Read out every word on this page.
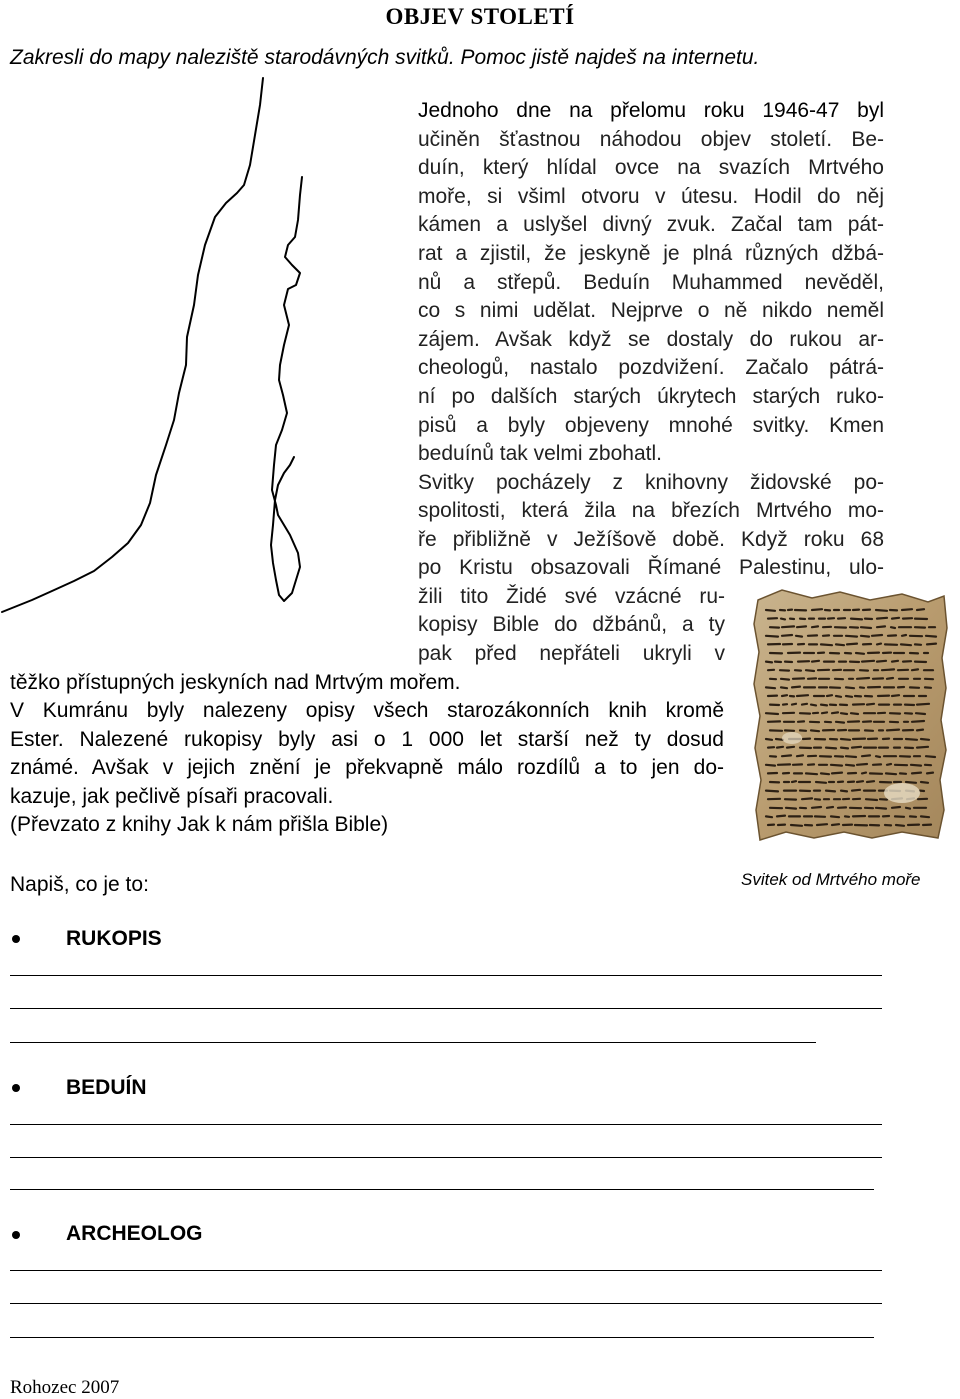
OBJEV STOLETÍ
Zakresli do mapy naleziště starodávných svitků. Pomoc jistě najdeš na internetu.
Jednoho dne na přelomu roku 1946-47 byl
učiněn šťastnou náhodou objev století. Be-
duín, který hlídal ovce na svazích Mrtvého
moře, si všiml otvoru v útesu. Hodil do něj
kámen a uslyšel divný zvuk. Začal tam pát-
rat a zjistil, že jeskyně je plná různých džbá-
nů a střepů. Beduín Muhammed nevěděl,
co s nimi udělat. Nejprve o ně nikdo neměl
zájem. Avšak když se dostaly do rukou ar-
cheologů, nastalo pozdvižení. Začalo pátrá-
ní po dalších starých úkrytech starých ruko-
pisů a byly objeveny mnohé svitky. Kmen
beduínů tak velmi zbohatl.
Svitky pocházely z knihovny židovské po-
spolitosti, která žila na březích Mrtvého mo-
ře přibližně v Ježíšově době. Když roku 68
po Kristu obsazovali Římané Palestinu, ulo-
žili tito Židé své vzácné ru-
kopisy Bible do džbánů, a ty
pak před nepřáteli ukryli v
těžko přístupných jeskyních nad Mrtvým mořem.
V Kumránu byly nalezeny opisy všech starozákonních knih kromě
Ester. Nalezené rukopisy byly asi o 1 000 let starší než ty dosud
známé. Avšak v jejich znění je překvapně málo rozdílů a to jen do-
kazuje, jak pečlivě písaři pracovali.
(Převzato z knihy Jak k nám přišla Bible)
Svitek od Mrtvého moře
Napiš, co je to:
RUKOPIS
BEDUÍN
ARCHEOLOG
Rohozec 2007
